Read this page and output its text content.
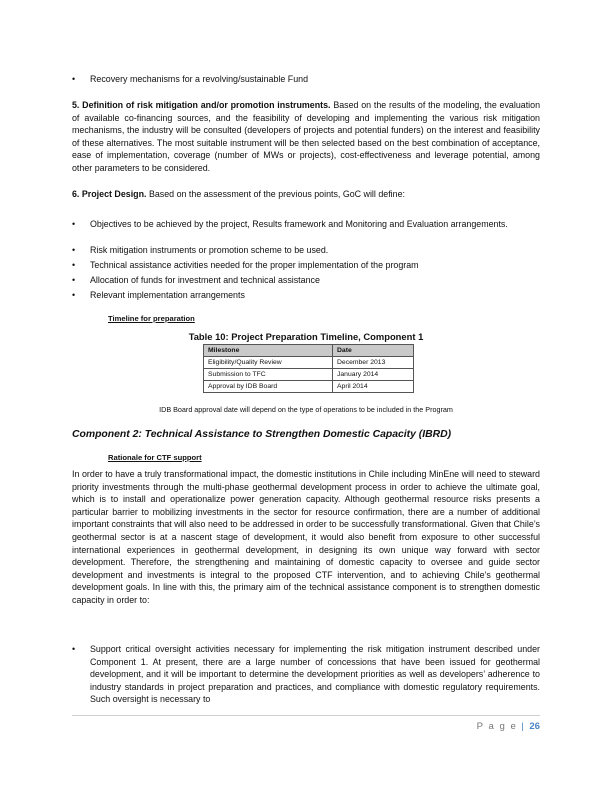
•	Recovery mechanisms for a revolving/sustainable Fund

5. Definition of risk mitigation and/or promotion instruments. Based on the results of the modeling, the evaluation of available co-financing sources, and the feasibility of developing and implementing the various risk mitigation mechanisms, the industry will be consulted (developers of projects and potential funders) on the interest and feasibility of these alternatives. The most suitable instrument will be then selected based on the best combination of acceptance, ease of implementation, coverage (number of MWs or projects), cost-effectiveness and leverage potential, among other parameters to be considered.

6. Project Design. Based on the assessment of the previous points, GoC will define:

•	Objectives to be achieved by the project, Results framework and Monitoring and Evaluation arrangements.
•	Risk mitigation instruments or promotion scheme to be used.
•	Technical assistance activities needed for the proper implementation of the program
•	Allocation of funds for investment and technical assistance
•	Relevant implementation arrangements
Timeline for preparation
Table 10: Project Preparation Timeline, Component 1
Milestone	Date
Eligibility/Quality Review	December 2013
Submission to TFC	January 2014
Approval by IDB Board	April 2014
IDB Board approval date will depend on the type of operations to be included in the Program
Component 2: Technical Assistance to Strengthen Domestic Capacity (IBRD)
Rationale for CTF support

In order to have a truly transformational impact, the domestic institutions in Chile including MinEne will need to steward priority investments through the multi-phase geothermal development process in order to achieve the ultimate goal, which is to install and operationalize power generation capacity. Although geothermal resource risks presents a particular barrier to mobilizing investments in the sector for resource confirmation, there are a number of additional important constraints that will also need to be addressed in order to be successfully transformational. Given that Chile’s geothermal sector is at a nascent stage of development, it would also benefit from exposure to other successful international experiences in geothermal development, in designing its own unique way forward with sector development. Therefore, the strengthening and maintaining of domestic capacity to oversee and guide sector development and investments is integral to the proposed CTF intervention, and to achieving Chile’s geothermal development goals. In line with this, the primary aim of the technical assistance component is to strengthen domestic capacity in order to:

•	Support critical oversight activities necessary for implementing the risk mitigation instrument described under Component 1. At present, there are a large number of concessions that have been issued for geothermal development, and it will be important to determine the development priorities as well as developers’ adherence to industry standards in project preparation and practices, and compliance with domestic regulatory requirements. Such oversight is necessary to
P a g e | 26
